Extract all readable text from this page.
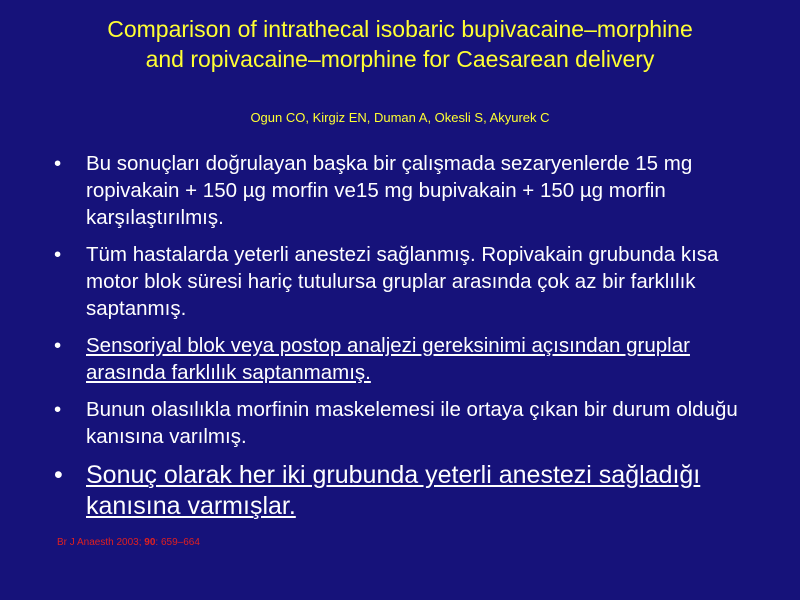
Comparison of intrathecal isobaric bupivacaine–morphine
and ropivacaine–morphine for Caesarean delivery
Ogun CO, Kirgiz EN, Duman A, Okesli S, Akyurek C
• Bu sonuçları doğrulayan başka bir çalışmada sezaryenlerde 15 mg ropivakain + 150 µg morfin ve15 mg bupivakain + 150 µg morfin karşılaştırılmış.
• Tüm hastalarda yeterli anestezi sağlanmış. Ropivakain grubunda kısa motor blok süresi hariç tutulursa gruplar arasında çok az bir farklılık saptanmış.
• Sensoriyal blok veya postop analjezi gereksinimi açısından gruplar arasında farklılık saptanmamış.
• Bunun olasılıkla morfinin maskelemesi ile ortaya çıkan bir durum olduğu kanısına varılmış.
• Sonuç olarak her iki grubunda yeterli anestezi sağladığı kanısına varmışlar.
Br J Anaesth 2003; 90: 659–664
